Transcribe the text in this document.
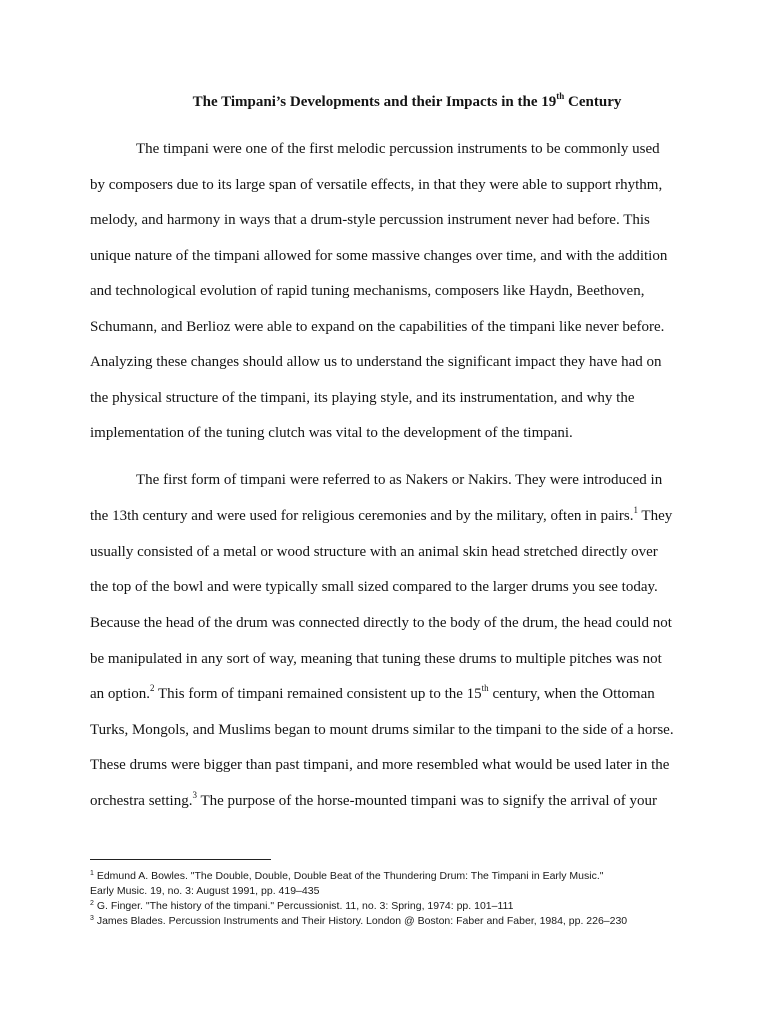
The Timpani’s Developments and their Impacts in the 19th Century
The timpani were one of the first melodic percussion instruments to be commonly used
by composers due to its large span of versatile effects, in that they were able to support rhythm,
melody, and harmony in ways that a drum-style percussion instrument never had before. This
unique nature of the timpani allowed for some massive changes over time, and with the addition
and technological evolution of rapid tuning mechanisms, composers like Haydn, Beethoven,
Schumann, and Berlioz were able to expand on the capabilities of the timpani like never before.
Analyzing these changes should allow us to understand the significant impact they have had on
the physical structure of the timpani, its playing style, and its instrumentation, and why the
implementation of the tuning clutch was vital to the development of the timpani.
The first form of timpani were referred to as Nakers or Nakirs. They were introduced in
the 13th century and were used for religious ceremonies and by the military, often in pairs.$^1$ They
usually consisted of a metal or wood structure with an animal skin head stretched directly over
the top of the bowl and were typically small sized compared to the larger drums you see today.
Because the head of the drum was connected directly to the body of the drum, the head could not
be manipulated in any sort of way, meaning that tuning these drums to multiple pitches was not
an option.$^2$ This form of timpani remained consistent up to the 15th century, when the Ottoman
Turks, Mongols, and Muslims began to mount drums similar to the timpani to the side of a horse.
These drums were bigger than past timpani, and more resembled what would be used later in the
orchestra setting.$^3$ The purpose of the horse-mounted timpani was to signify the arrival of your
$^1$ Edmund A. Bowles. "The Double, Double, Double Beat of the Thundering Drum: The Timpani in Early Music."
Early Music. 19, no. 3: August 1991, pp. 419–435
$^2$ G. Finger. "The history of the timpani." Percussionist. 11, no. 3: Spring, 1974: pp. 101–111
$^3$ James Blades. Percussion Instruments and Their History. London @ Boston: Faber and Faber, 1984, pp. 226–230
